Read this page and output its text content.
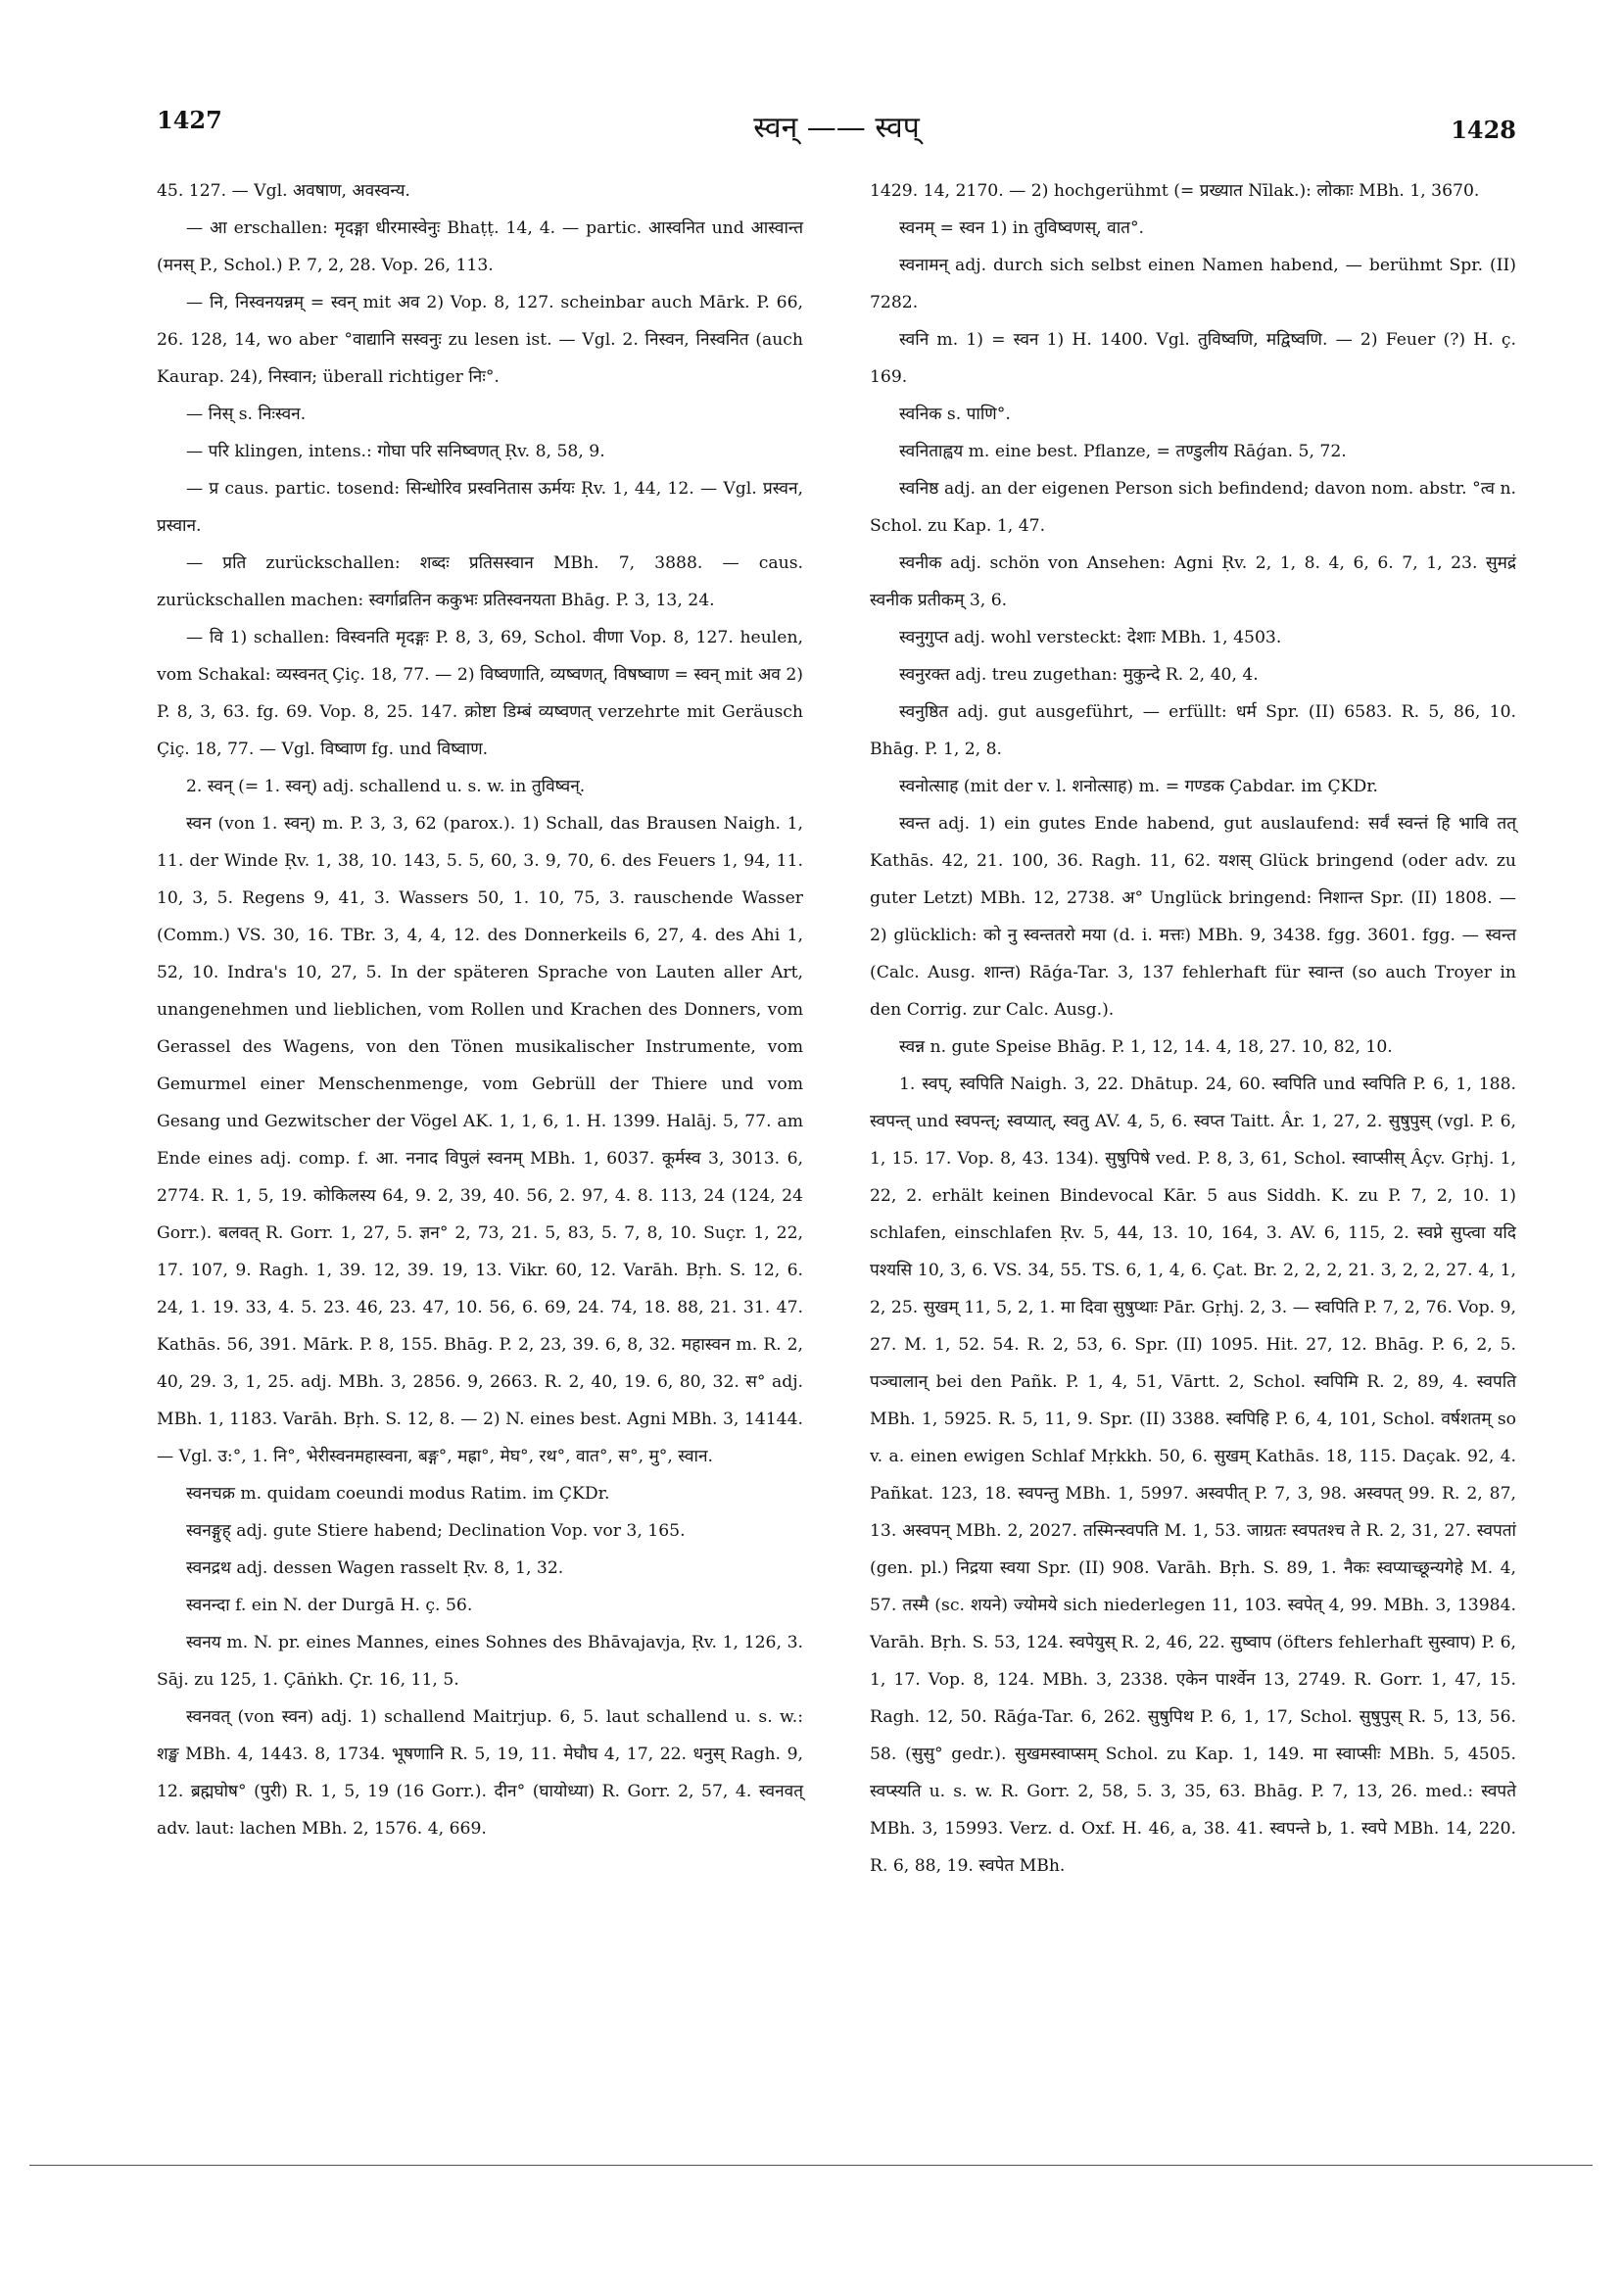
1427	स्वन् —— स्वप्	1428

45. 127. — Vgl. अवषाण, अवस्वन्य.

— आ erschallen: मृदङ्गा धीरमास्वेनुः Bhaṭṭ. 14, 4. — partic. आस्वनित und आस्वान्त (मनस् P., Schol.) P. 7, 2, 28. Vop. 26, 113.

— नि, निस्वनयन्नम् = स्वन् mit अव 2) Vop. 8, 127. scheinbar auch Mārk. P. 66, 26. 128, 14, wo aber °वाद्यानि सस्वनुः zu lesen ist. — Vgl. 2. निस्वन, निस्वनित (auch Kaurap. 24), निस्वान; überall richtiger निः°.

— निस् s. निःस्वन.

— परि klingen, intens.: गोघा परि सनिष्वणत् Ṛv. 8, 58, 9.

— प्र caus. partic. tosend: सिन्धोरिव प्रस्वनितास ऊर्मयः Ṛv. 1, 44, 12. — Vgl. प्रस्वन, प्रस्वान.

— प्रति zurückschallen: शब्दः प्रतिसस्वान MBh. 7, 3888. — caus. zurückschallen machen: स्वर्गाव्रतिन ककुभः प्रतिस्वनयता Bhāg. P. 3, 13, 24.

— वि 1) schallen: विस्वनति मृदङ्गः P. 8, 3, 69, Schol. वीणा Vop. 8, 127. heulen, vom Schakal: व्यस्वनत् Çiç. 18, 77. — 2) विष्वणाति, व्यष्वणत्, विषष्वाण = स्वन् mit अव 2) P. 8, 3, 63. fg. 69. Vop. 8, 25. 147. क्रोष्टा डिम्बं व्यष्वणत् verzehrte mit Geräusch Çiç. 18, 77. — Vgl. विष्वाण fg. und विष्वाण.

2. स्वन् (= 1. स्वन्) adj. schallend u. s. w. in तुविष्वन्.

स्वन (von 1. स्वन्) m. P. 3, 3, 62 (parox.). 1) Schall, das Brausen Naigh. 1, 11. der Winde Ṛv. 1, 38, 10. 143, 5. 5, 60, 3. 9, 70, 6. des Feuers 1, 94, 11. 10, 3, 5. Regens 9, 41, 3. Wassers 50, 1. 10, 75, 3. rauschende Wasser (Comm.) VS. 30, 16. TBr. 3, 4, 4, 12. des Donnerkeils 6, 27, 4. des Ahi 1, 52, 10. Indra's 10, 27, 5. In der späteren Sprache von Lauten aller Art, unangenehmen und lieblichen, vom Rollen und Krachen des Donners, vom Gerassel des Wagens, von den Tönen musikalischer Instrumente, vom Gemurmel einer Menschenmenge, vom Gebrüll der Thiere und vom Gesang und Gezwitscher der Vögel AK. 1, 1, 6, 1. H. 1399. Halāj. 5, 77. am Ende eines adj. comp. f. आ. ननाद विपुलं स्वनम् MBh. 1, 6037. कूर्मस्व 3, 3013. 6, 2774. R. 1, 5, 19. कोकिलस्य 64, 9. 2, 39, 40. 56, 2. 97, 4. 8. 113, 24 (124, 24 Gorr.). बलवत् R. Gorr. 1, 27, 5. ज्ञन° 2, 73, 21. 5, 83, 5. 7, 8, 10. Suçr. 1, 22, 17. 107, 9. Ragh. 1, 39. 12, 39. 19, 13. Vikr. 60, 12. Varāh. Bṛh. S. 12, 6. 24, 1. 19. 33, 4. 5. 23. 46, 23. 47, 10. 56, 6. 69, 24. 74, 18. 88, 21. 31. 47. Kathās. 56, 391. Mārk. P. 8, 155. Bhāg. P. 2, 23, 39. 6, 8, 32. महास्वन m. R. 2, 40, 29. 3, 1, 25. adj. MBh. 3, 2856. 9, 2663. R. 2, 40, 19. 6, 80, 32. स° adj. MBh. 1, 1183. Varāh. Bṛh. S. 12, 8. — 2) N. eines best. Agni MBh. 3, 14144. — Vgl. उ:°, 1. नि°, भेरीस्वनमहास्वना, बङ्ग°, मह्रा°, मेघ°, रथ°, वात°, स°, मु°, स्वान.

स्वनचक्र m. quidam coeundi modus Ratim. im ÇKDr.

स्वनङ्गुह् adj. gute Stiere habend; Declination Vop. vor 3, 165.

स्वनद्रथ adj. dessen Wagen rasselt Ṛv. 8, 1, 32.

स्वनन्दा f. ein N. der Durgā H. ç. 56.

स्वनय m. N. pr. eines Mannes, eines Sohnes des Bhāvajavja, Ṛv. 1, 126, 3. Sāj. zu 125, 1. Çāṅkh. Çr. 16, 11, 5.

स्वनवत् (von स्वन) adj. 1) schallend Maitrjup. 6, 5. laut schallend u. s. w.: शङ्ख MBh. 4, 1443. 8, 1734. भूषणानि R. 5, 19, 11. मेघौघ 4, 17, 22. धनुस् Ragh. 9, 12. ब्रह्मघोष° (पुरी) R. 1, 5, 19 (16 Gorr.). दीन° (घायोध्या) R. Gorr. 2, 57, 4. स्वनवत् adv. laut: lachen MBh. 2, 1576. 4, 669.

1429. 14, 2170. — 2) hochgerühmt (= प्रख्यात Nīlak.): लोकाः MBh. 1, 3670.

स्वनम् = स्वन 1) in तुविष्वणस्, वात°.

स्वनामन् adj. durch sich selbst einen Namen habend, — berühmt Spr. (II) 7282.

स्वनि m. 1) = स्वन 1) H. 1400. Vgl. तुविष्वणि, मद्विष्वणि. — 2) Feuer (?) H. ç. 169.

स्वनिक s. पाणि°.

स्वनिताह्वय m. eine best. Pflanze, = तण्डुलीय Rāǵan. 5, 72.

स्वनिष्ठ adj. an der eigenen Person sich befindend; davon nom. abstr. °त्व n. Schol. zu Kap. 1, 47.

स्वनीक adj. schön von Ansehen: Agni Ṛv. 2, 1, 8. 4, 6, 6. 7, 1, 23. सुमद्रं स्वनीक प्रतीकम् 3, 6.

स्वनुगुप्त adj. wohl versteckt: देशाः MBh. 1, 4503.

स्वनुरक्त adj. treu zugethan: मुकुन्दे R. 2, 40, 4.

स्वनुष्ठित adj. gut ausgeführt, — erfüllt: धर्म Spr. (II) 6583. R. 5, 86, 10. Bhāg. P. 1, 2, 8.

स्वनोत्साह (mit der v. l. शनोत्साह) m. = गण्डक Çabdar. im ÇKDr.

स्वन्त adj. 1) ein gutes Ende habend, gut auslaufend: सर्वं स्वन्तं हि भावि तत् Kathās. 42, 21. 100, 36. Ragh. 11, 62. यशस् Glück bringend (oder adv. zu guter Letzt) MBh. 12, 2738. अ° Unglück bringend: निशान्त Spr. (II) 1808. — 2) glücklich: को नु स्वन्ततरो मया (d. i. मत्तः) MBh. 9, 3438. fgg. 3601. fgg. — स्वन्त (Calc. Ausg. शान्त) Rāǵa-Tar. 3, 137 fehlerhaft für स्वान्त (so auch Troyer in den Corrig. zur Calc. Ausg.).

स्वन्न n. gute Speise Bhāg. P. 1, 12, 14. 4, 18, 27. 10, 82, 10.

1. स्वप्, स्वपिति Naigh. 3, 22. Dhātup. 24, 60. स्वपिति und स्वपिति P. 6, 1, 188. स्वपन्त् und स्वपन्त्; स्वप्यात्, स्वतु AV. 4, 5, 6. स्वप्त Taitt. Âr. 1, 27, 2. सुषुपुस् (vgl. P. 6, 1, 15. 17. Vop. 8, 43. 134). सुषुपिषे ved. P. 8, 3, 61, Schol. स्वाप्सीस् Âçv. Gṛhj. 1, 22, 2. erhält keinen Bindevocal Kār. 5 aus Siddh. K. zu P. 7, 2, 10. 1) schlafen, einschlafen Ṛv. 5, 44, 13. 10, 164, 3. AV. 6, 115, 2. स्वप्ने सुप्त्वा यदि पश्यसि 10, 3, 6. VS. 34, 55. TS. 6, 1, 4, 6. Çat. Br. 2, 2, 2, 21. 3, 2, 2, 27. 4, 1, 2, 25. सुखम् 11, 5, 2, 1. मा दिवा सुषुप्थाः Pār. Gṛhj. 2, 3. — स्वपिति P. 7, 2, 76. Vop. 9, 27. M. 1, 52. 54. R. 2, 53, 6. Spr. (II) 1095. Hit. 27, 12. Bhāg. P. 6, 2, 5. पञ्चालान् bei den Pañk. P. 1, 4, 51, Vārtt. 2, Schol. स्वपिमि R. 2, 89, 4. स्वपति MBh. 1, 5925. R. 5, 11, 9. Spr. (II) 3388. स्वपिहि P. 6, 4, 101, Schol. वर्षशतम् so v. a. einen ewigen Schlaf Mṛkkh. 50, 6. सुखम् Kathās. 18, 115. Daçak. 92, 4. Pañkat. 123, 18. स्वपन्तु MBh. 1, 5997. अस्वपीत् P. 7, 3, 98. अस्वपत् 99. R. 2, 87, 13. अस्वपन् MBh. 2, 2027. तस्मिन्स्वपति M. 1, 53. जाग्रतः स्वपतश्च ते R. 2, 31, 27. स्वपतां (gen. pl.) निद्रया स्वया Spr. (II) 908. Varāh. Bṛh. S. 89, 1. नैकः स्वप्याच्छून्यगेहे M. 4, 57. तस्मै (sc. शयने) ज्योमये sich niederlegen 11, 103. स्वपेत् 4, 99. MBh. 3, 13984. Varāh. Bṛh. S. 53, 124. स्वपेयुस् R. 2, 46, 22. सुष्वाप (öfters fehlerhaft सुस्वाप) P. 6, 1, 17. Vop. 8, 124. MBh. 3, 2338. एकेन पार्श्वेन 13, 2749. R. Gorr. 1, 47, 15. Ragh. 12, 50. Rāǵa-Tar. 6, 262. सुषुपिथ P. 6, 1, 17, Schol. सुषुपुस् R. 5, 13, 56. 58. (सुसु° gedr.). सुखमस्वाप्सम् Schol. zu Kap. 1, 149. मा स्वाप्सीः MBh. 5, 4505. स्वप्स्यति u. s. w. R. Gorr. 2, 58, 5. 3, 35, 63. Bhāg. P. 7, 13, 26. med.: स्वपते MBh. 3, 15993. Verz. d. Oxf. H. 46, a, 38. 41. स्वपन्ते b, 1. स्वपे MBh. 14, 220. R. 6, 88, 19. स्वपेत MBh.
